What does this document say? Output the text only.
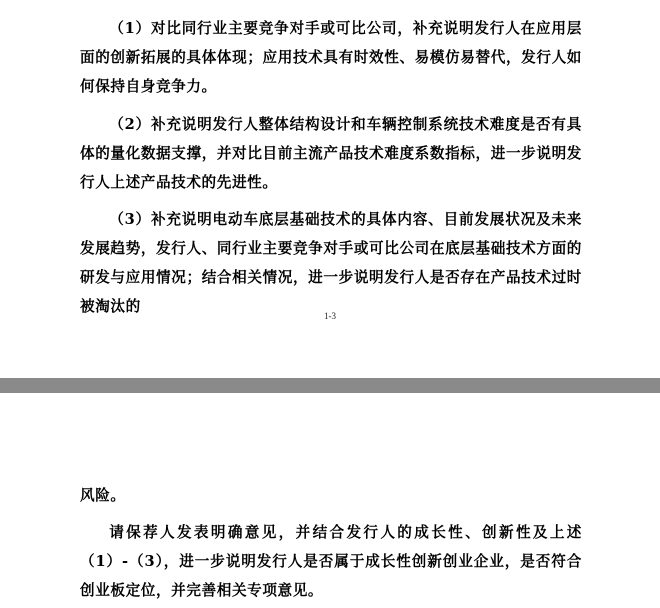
（1）对比同行业主要竞争对手或可比公司，补充说明发行人在应用层面的创新拓展的具体体现；应用技术具有时效性、易模仿易替代，发行人如何保持自身竞争力。

（2）补充说明发行人整体结构设计和车辆控制系统技术难度是否有具体的量化数据支撑，并对比目前主流产品技术难度系数指标，进一步说明发行人上述产品技术的先进性。

（3）补充说明电动车底层基础技术的具体内容、目前发展状况及未来发展趋势，发行人、同行业主要竞争对手或可比公司在底层基础技术方面的研发与应用情况；结合相关情况，进一步说明发行人是否存在产品技术过时被淘汰的

1-3

风险。

请保荐人发表明确意见，并结合发行人的成长性、创新性及上述（1）-（3），进一步说明发行人是否属于成长性创新创业企业，是否符合创业板定位，并完善相关专项意见。
